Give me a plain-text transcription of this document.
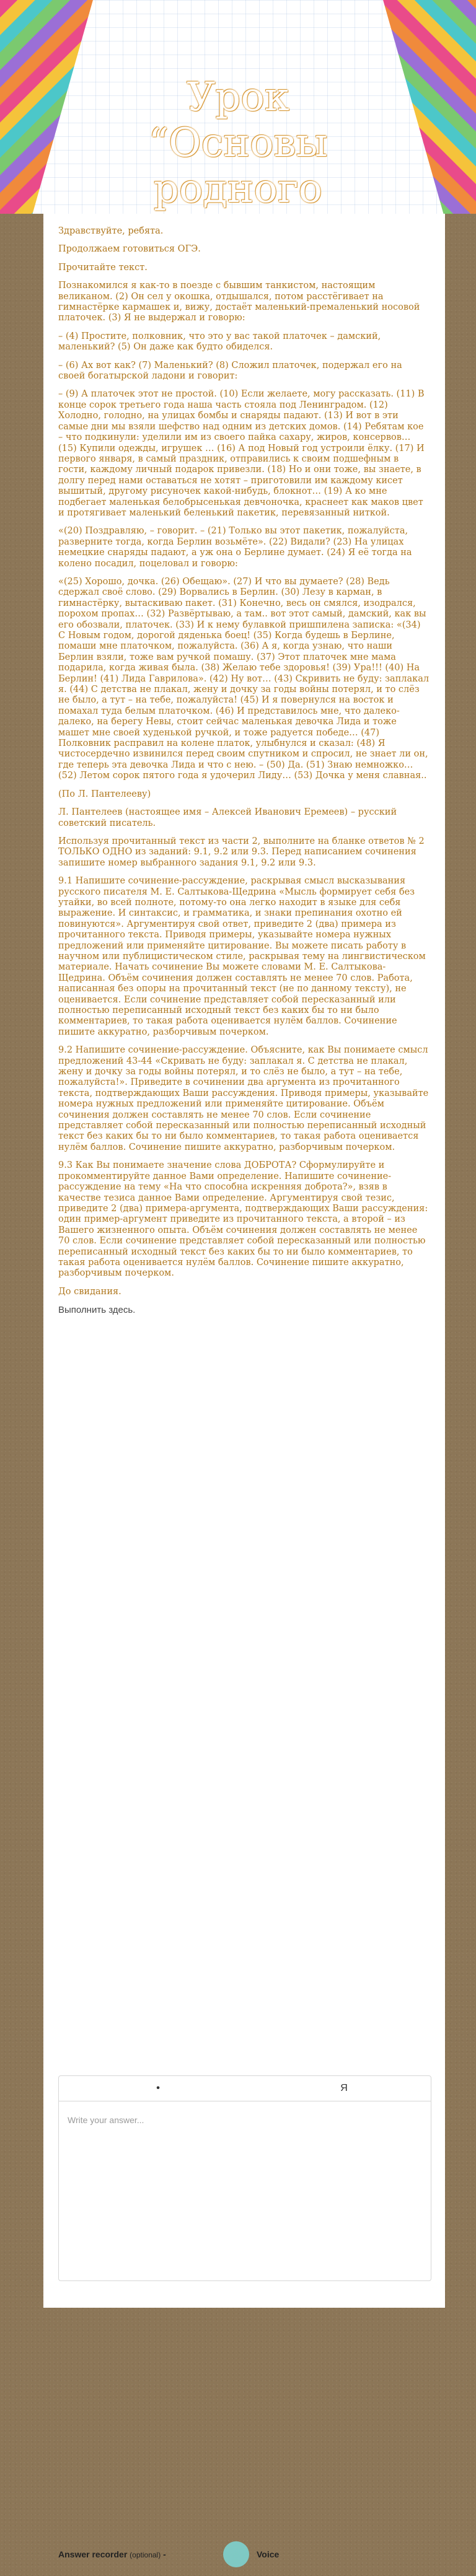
Урок “Основы родного

Здравствуйте, ребята.

Продолжаем готовиться ОГЭ.

Прочитайте текст.

Познакомился я как-то в поезде с бывшим танкистом, настоящим великаном. (2) Он сел у окошка, отдышался, потом расстёгивает на гимнастёрке кармашек и, вижу, достаёт маленький-премаленький носовой платочек. (3) Я не выдержал и говорю:

– (4) Простите, полковник, что это у вас такой платочек – дамский, маленький? (5) Он даже как будто обиделся.

– (6) Ах вот как? (7) Маленький? (8) Сложил платочек, подержал его на своей богатырской ладони и говорит:

– (9) А платочек этот не простой. (10) Если желаете, могу рассказать. (11) В конце сорок третьего года наша часть стояла под Ленинградом. (12) Холодно, голодно, на улицах бомбы и снаряды падают. (13) И вот в эти самые дни мы взяли шефство над одним из детских домов. (14) Ребятам кое – что подкинули: уделили им из своего пайка сахару, жиров, консервов… (15) Купили одежды, игрушек … (16) А под Новый год устроили ёлку. (17) И первого января, в самый праздник, отправились к своим подшефным в гости, каждому личный подарок привезли. (18) Но и они тоже, вы знаете, в долгу перед нами оставаться не хотят – приготовили им каждому кисет вышитый, другому рисуночек какой-нибудь, блокнот… (19) А ко мне подбегает маленькая белобрысенькая девчоночка, краснеет как маков цвет и протягивает маленький беленький пакетик, перевязанный ниткой.

«(20) Поздравляю, – говорит. – (21) Только вы этот пакетик, пожалуйста, разверните тогда, когда Берлин возьмёте». (22) Видали? (23) На улицах немецкие снаряды падают, а уж она о Берлине думает. (24) Я её тогда на колено посадил, поцеловал и говорю:

«(25) Хорошо, дочка. (26) Обещаю». (27) И что вы думаете? (28) Ведь сдержал своё слово. (29) Ворвались в Берлин. (30) Лезу в карман, в гимнастёрку, вытаскиваю пакет. (31) Конечно, весь он смялся, изодрался, порохом пропах… (32) Развёртываю, а там.. вот этот самый, дамский, как вы его обозвали, платочек. (33) И к нему булавкой пришпилена записка: «(34) С Новым годом, дорогой дяденька боец! (35) Когда будешь в Берлине, помаши мне платочком, пожалуйста. (36) А я, когда узнаю, что наши Берлин взяли, тоже вам ручкой помашу. (37) Этот платочек мне мама подарила, когда живая была. (38) Желаю тебе здоровья! (39) Ура!!! (40) На Берлин! (41) Лида Гаврилова». (42) Ну вот… (43) Скривить не буду: заплакал я. (44) С детства не плакал, жену и дочку за годы войны потерял, и то слёз не было, а тут – на тебе, пожалуйста! (45) И я повернулся на восток и помахал туда белым платочком. (46) И представилось мне, что далеко-далеко, на берегу Невы, стоит сейчас маленькая девочка Лида и тоже машет мне своей худенькой ручкой, и тоже радуется победе… (47) Полковник расправил на колене платок, улыбнулся и сказал: (48) Я чистосердечно извинился перед своим спутником и спросил, не знает ли он, где теперь эта девочка Лида и что с нею. – (50) Да. (51) Знаю немножко… (52) Летом сорок пятого года я удочерил Лиду… (53) Дочка у меня славная..

(По Л. Пантелееву)

Л. Пантелеев (настоящее имя – Алексей Иванович Еремеев) – русский советский писатель.

Используя прочитанный текст из части 2, выполните на бланке ответов № 2 ТОЛЬКО ОДНО из заданий: 9.1, 9.2 или 9.3. Перед написанием сочинения запишите номер выбранного задания 9.1, 9.2 или 9.3.

9.1 Напишите сочинение-рассуждение, раскрывая смысл высказывания русского писателя М. Е. Салтыкова-Щедрина «Мысль формирует себя без утайки, во всей полноте, потому-то она легко находит в языке для себя выражение. И синтаксис, и грамматика, и знаки препинания охотно ей повинуются». Аргументируя свой ответ, приведите 2 (два) примера из прочитанного текста. Приводя примеры, указывайте номера нужных предложений или применяйте цитирование. Вы можете писать работу в научном или публицистическом стиле, раскрывая тему на лингвистическом материале. Начать сочинение Вы можете словами М. Е. Салтыкова-Щедрина. Объём сочинения должен составлять не менее 70 слов. Работа, написанная без опоры на прочитанный текст (не по данному тексту), не оценивается. Если сочинение представляет собой пересказанный или полностью переписанный исходный текст без каких бы то ни было комментариев, то такая работа оценивается нулём баллов. Сочинение пишите аккуратно, разборчивым почерком.

9.2 Напишите сочинение-рассуждение. Объясните, как Вы понимаете смысл предложений 43-44 «Скривать не буду: заплакал я. С детства не плакал, жену и дочку за годы войны потерял, и то слёз не было, а тут – на тебе, пожалуйста!». Приведите в сочинении два аргумента из прочитанного текста, подтверждающих Ваши рассуждения. Приводя примеры, указывайте номера нужных предложений или применяйте цитирование. Объём сочинения должен составлять не менее 70 слов. Если сочинение представляет собой пересказанный или полностью переписанный исходный текст без каких бы то ни было комментариев, то такая работа оценивается нулём баллов. Сочинение пишите аккуратно, разборчивым почерком.

9.3 Как Вы понимаете значение слова ДОБРОТА? Сформулируйте и прокомментируйте данное Вами определение. Напишите сочинение-рассуждение на тему «На что способна искренняя доброта?», взяв в качестве тезиса данное Вами определение. Аргументируя свой тезис, приведите 2 (два) примера-аргумента, подтверждающих Ваши рассуждения: один пример-аргумент приведите из прочитанного текста, а второй – из Вашего жизненного опыта. Объём сочинения должен составлять не менее 70 слов. Если сочинение представляет собой пересказанный или полностью переписанный исходный текст без каких бы то ни было комментариев, то такая работа оценивается нулём баллов. Сочинение пишите аккуратно, разборчивым почерком.

До свидания.

Выполнить здесь.
•	Я
Write your answer...
Answer recorder (optional) -	Voice
